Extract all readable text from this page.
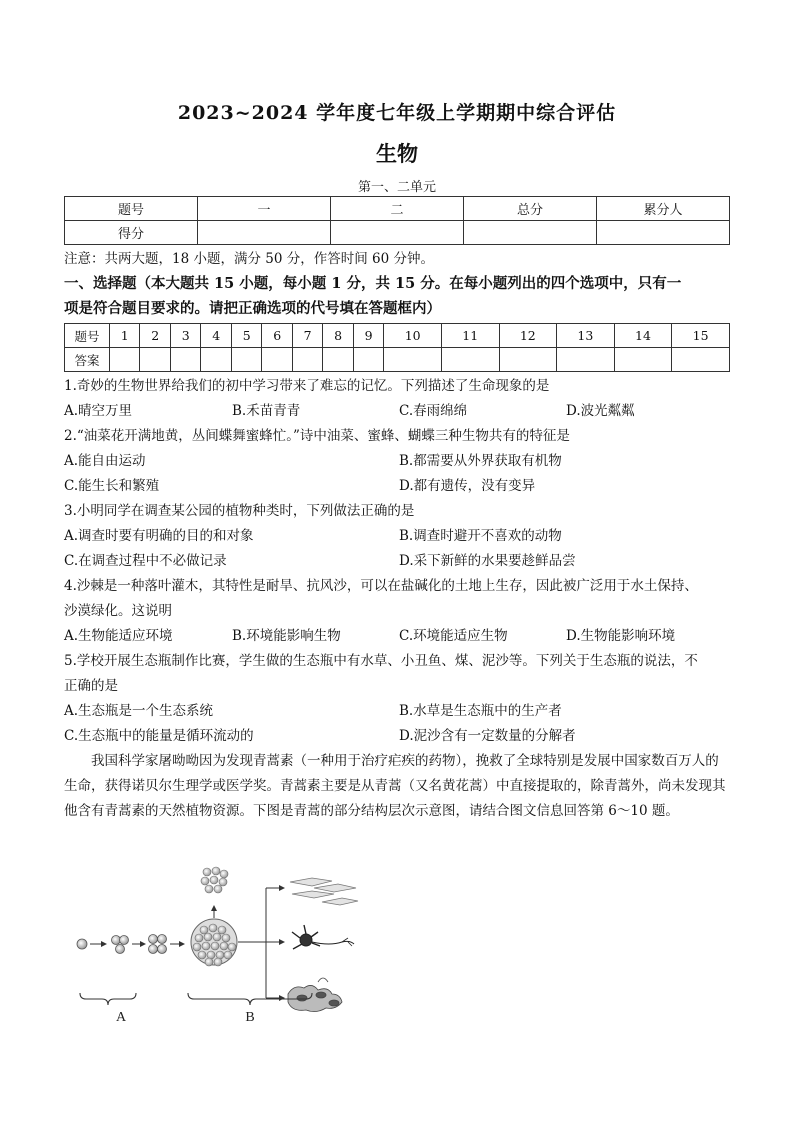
2023~2024 学年度七年级上学期期中综合评估
生物
第一、二单元
题号	一	二	总分	累分人
得分				
注意：共两大题，18 小题，满分 50 分，作答时间 60 分钟。
一、选择题（本大题共 15 小题，每小题 1 分，共 15 分。在每小题列出的四个选项中，只有一
项是符合题目要求的。请把正确选项的代号填在答题框内）
题号	1	2	3	4	5	6	7	8	9	10	11	12	13	14	15
答案															
1.奇妙的生物世界给我们的初中学习带来了难忘的记忆。下列描述了生命现象的是
A.晴空万里	B.禾苗青青	C.春雨绵绵	D.波光粼粼
2.“油菜花开满地黄，丛间蝶舞蜜蜂忙。”诗中油菜、蜜蜂、蝴蝶三种生物共有的特征是
A.能自由运动	B.都需要从外界获取有机物
C.能生长和繁殖	D.都有遗传，没有变异
3.小明同学在调查某公园的植物种类时，下列做法正确的是
A.调查时要有明确的目的和对象	B.调查时避开不喜欢的动物
C.在调查过程中不必做记录	D.采下新鲜的水果要趁鲜品尝
4.沙棘是一种落叶灌木，其特性是耐旱、抗风沙，可以在盐碱化的土地上生存，因此被广泛用于水土保持、
沙漠绿化。这说明
A.生物能适应环境	B.环境能影响生物	C.环境能适应生物	D.生物能影响环境
5.学校开展生态瓶制作比赛，学生做的生态瓶中有水草、小丑鱼、煤、泥沙等。下列关于生态瓶的说法，不
正确的是
A.生态瓶是一个生态系统	B.水草是生态瓶中的生产者
C.生态瓶中的能量是循环流动的	D.泥沙含有一定数量的分解者
我国科学家屠呦呦因为发现青蒿素（一种用于治疗疟疾的药物），挽救了全球特别是发展中国家数百万人的生命，获得诺贝尔生理学或医学奖。青蒿素主要是从青蒿（又名黄花蒿）中直接提取的，除青蒿外，尚未发现其他含有青蒿素的天然植物资源。下图是青蒿的部分结构层次示意图，请结合图文信息回答第 6～10 题。
A	B
